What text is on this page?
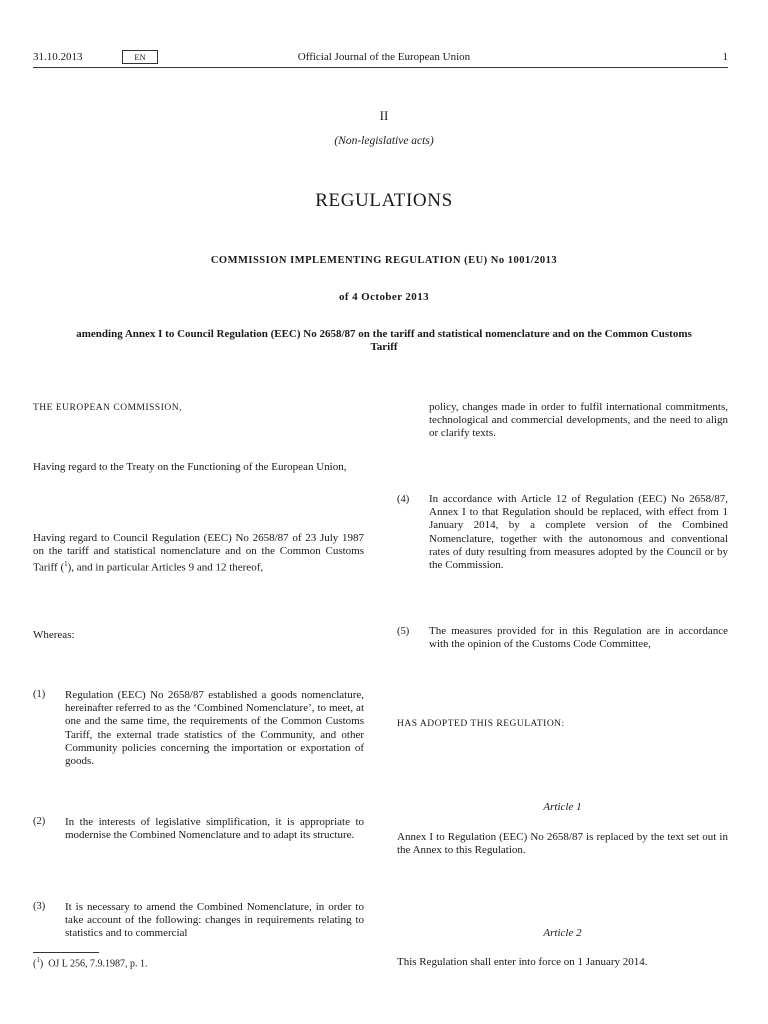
31.10.2013	EN	Official Journal of the European Union	1
II
(Non-legislative acts)
REGULATIONS
COMMISSION IMPLEMENTING REGULATION (EU) No 1001/2013
of 4 October 2013
amending Annex I to Council Regulation (EEC) No 2658/87 on the tariff and statistical nomenclature and on the Common Customs Tariff
THE EUROPEAN COMMISSION,
Having regard to the Treaty on the Functioning of the European Union,
Having regard to Council Regulation (EEC) No 2658/87 of 23 July 1987 on the tariff and statistical nomenclature and on the Common Customs Tariff ($^1$), and in particular Articles 9 and 12 thereof,
Whereas:
(1) Regulation (EEC) No 2658/87 established a goods nomenclature, hereinafter referred to as the ‘Combined Nomenclature’, to meet, at one and the same time, the requirements of the Common Customs Tariff, the external trade statistics of the Community, and other Community policies concerning the importation or exportation of goods.
(2) In the interests of legislative simplification, it is appropriate to modernise the Combined Nomenclature and to adapt its structure.
(3) It is necessary to amend the Combined Nomenclature, in order to take account of the following: changes in requirements relating to statistics and to commercial
($^1$)  OJ L 256, 7.9.1987, p. 1.
policy, changes made in order to fulfil international commitments, technological and commercial developments, and the need to align or clarify texts.
(4) In accordance with Article 12 of Regulation (EEC) No 2658/87, Annex I to that Regulation should be replaced, with effect from 1 January 2014, by a complete version of the Combined Nomenclature, together with the autonomous and conventional rates of duty resulting from measures adopted by the Council or by the Commission.
(5) The measures provided for in this Regulation are in accordance with the opinion of the Customs Code Committee,
HAS ADOPTED THIS REGULATION:
Article 1
Annex I to Regulation (EEC) No 2658/87 is replaced by the text set out in the Annex to this Regulation.
Article 2
This Regulation shall enter into force on 1 January 2014.
